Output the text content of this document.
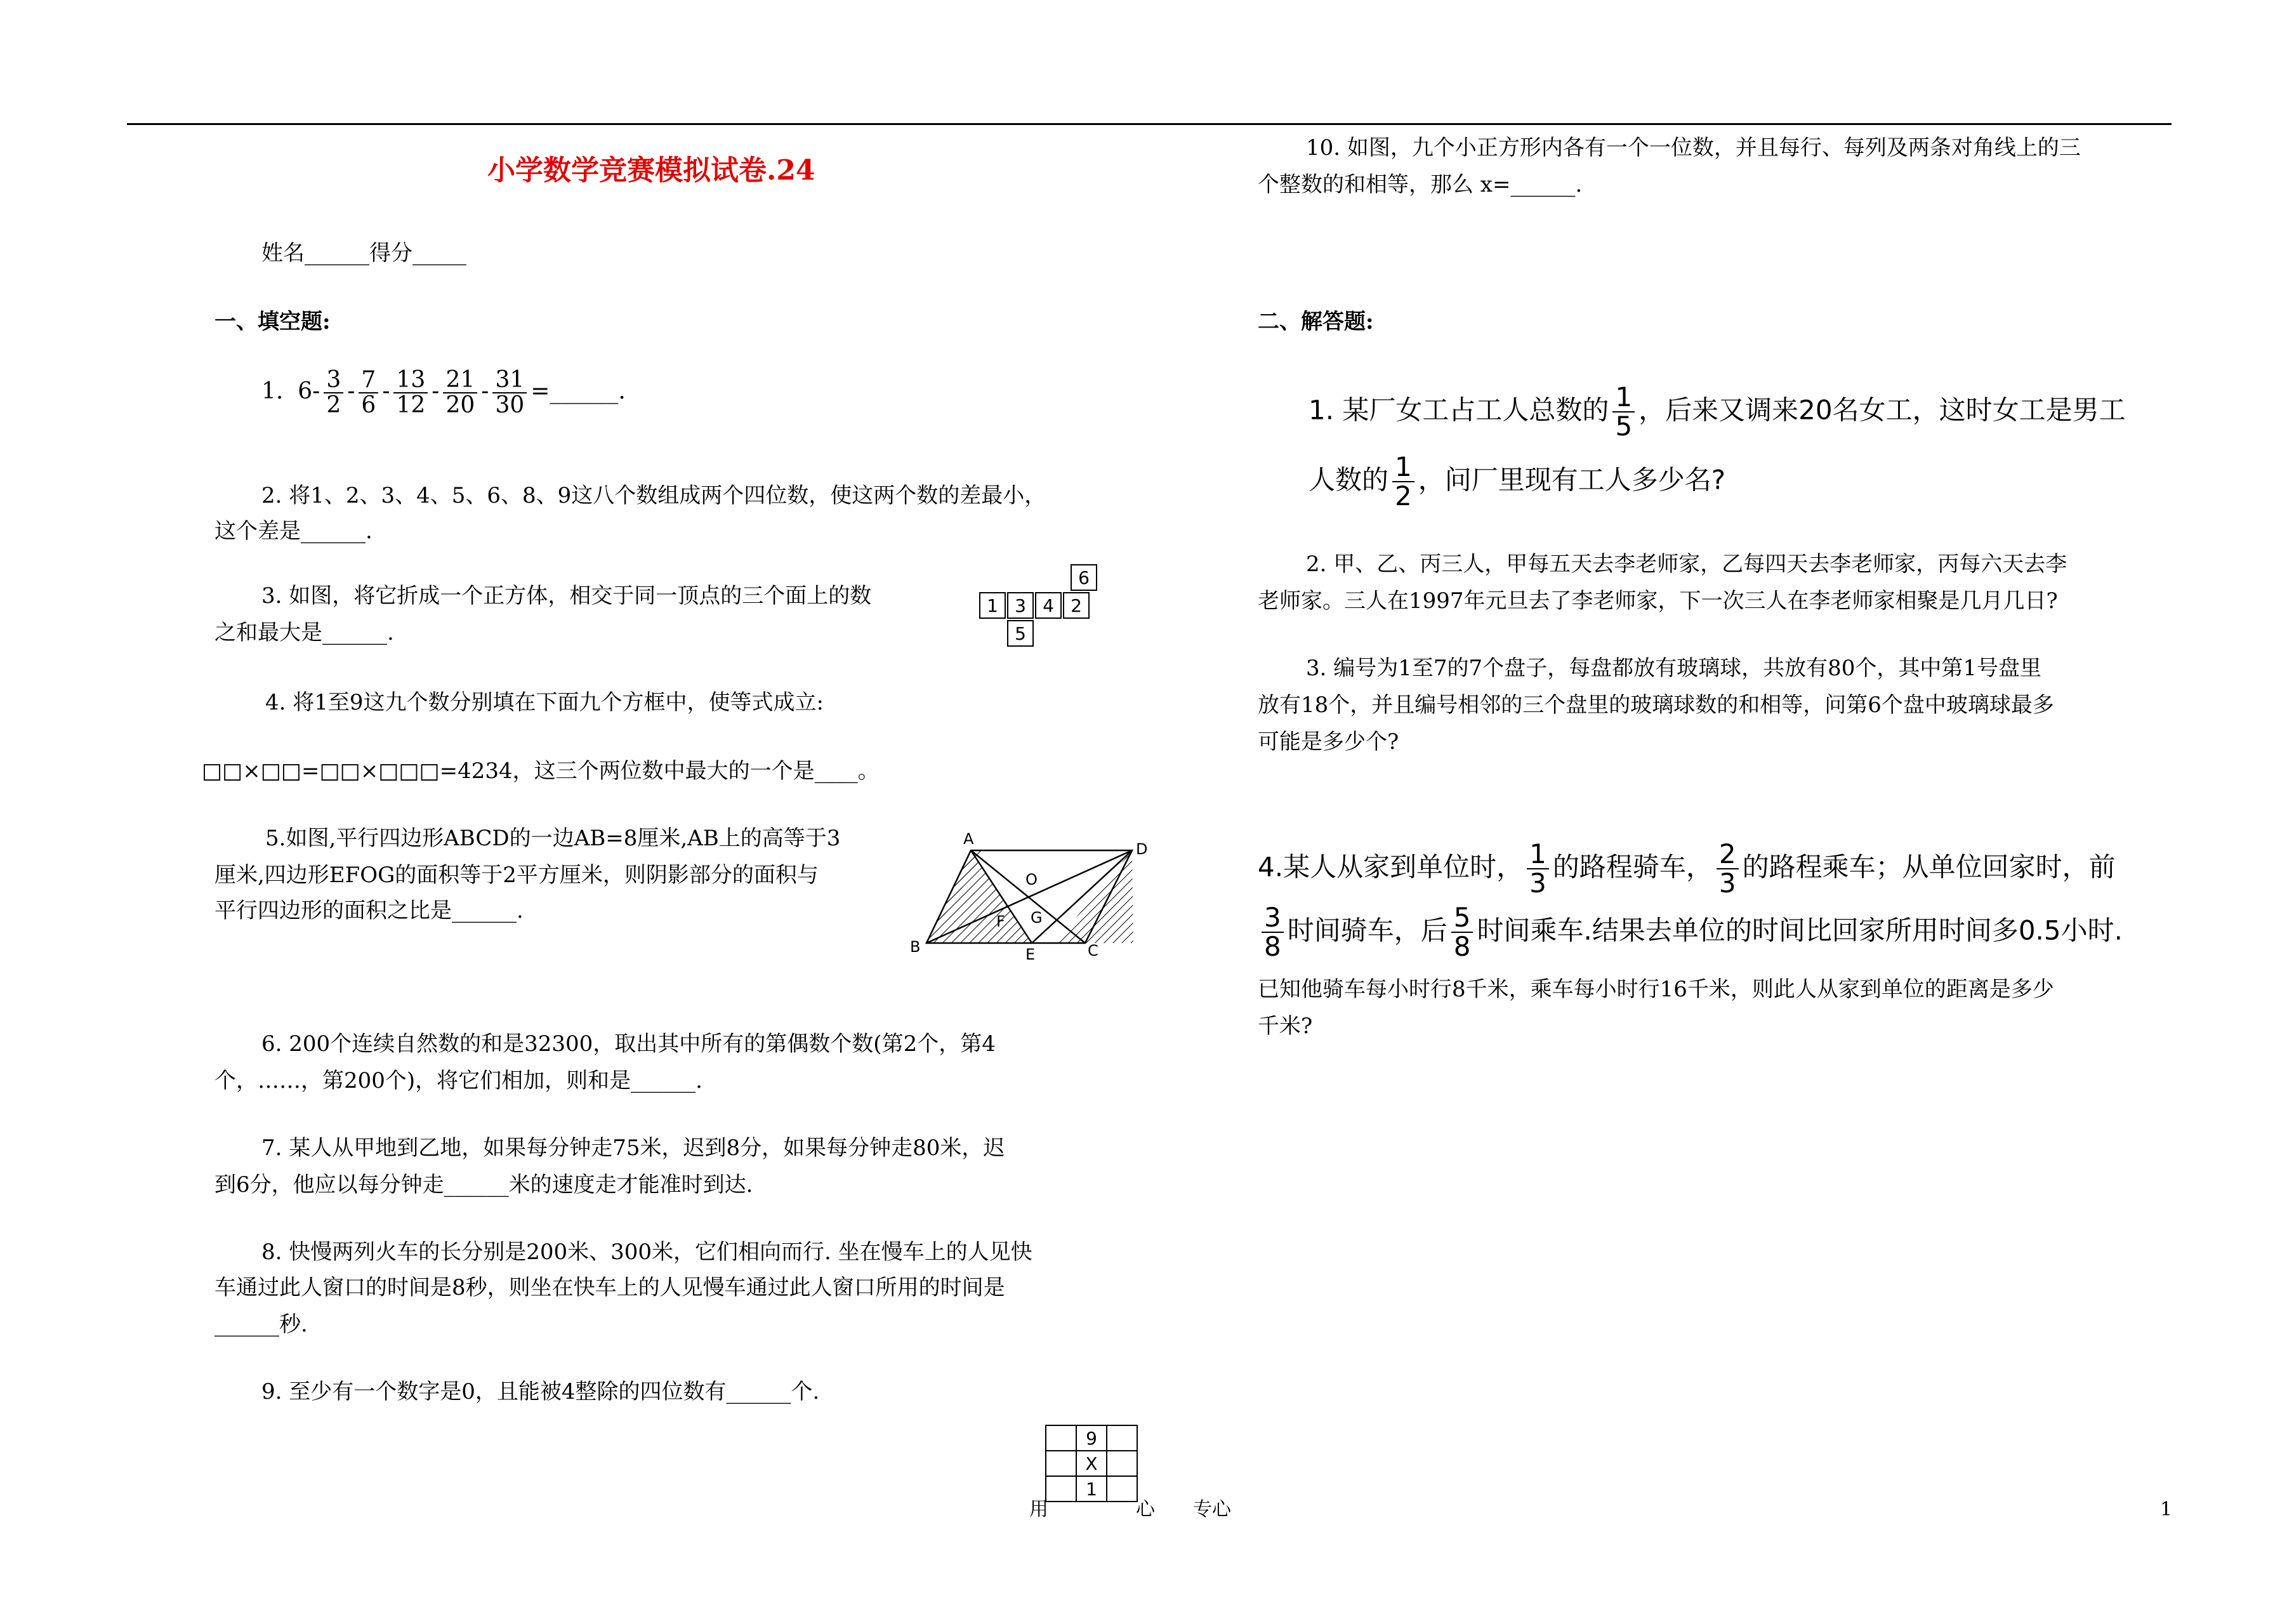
小学数学竞赛模拟试卷.24
姓名______得分_____
一、填空题:
1. $6- \frac{3}{2} - \frac{7}{6} - \frac{13}{12} - \frac{21}{20} - \frac{31}{30}$ =______.
2. 将1、2、3、4、5、6、8、9这八个数组成两个四位数，使这两个数的差最小，
这个差是______.
3. 如图，将它折成一个正方体，相交于同一顶点的三个面上的数
之和最大是______.
6
1 3 4 2
5
4. 将1至9这九个数分别填在下面九个方框中，使等式成立:
□□×□□=□□×□□□=4234，这三个两位数中最大的一个是____。
5.如图,平行四边形ABCD的一边AB=8厘米,AB上的高等于3
厘米,四边形EFOG的面积等于2平方厘米，则阴影部分的面积与
平行四边形的面积之比是______.
A
D
B	C
O
F G
E
6. 200个连续自然数的和是32300，取出其中所有的第偶数个数(第2个，第4
个，……，第200个)，将它们相加，则和是______.
7. 某人从甲地到乙地，如果每分钟走75米，迟到8分，如果每分钟走80米，迟
到6分，他应以每分钟走______米的速度走才能准时到达.
8. 快慢两列火车的长分别是200米、300米，它们相向而行. 坐在慢车上的人见快
车通过此人窗口的时间是8秒，则坐在快车上的人见慢车通过此人窗口所用的时间是
______秒.
9. 至少有一个数字是0，且能被4整除的四位数有______个.
9
X
1
10. 如图，九个小正方形内各有一个一位数，并且每行、每列及两条对角线上的三
个整数的和相等，那么 x=______.
二、解答题:
1. 某厂女工占工人总数的 $\frac{1}{5}$ ，后来又调来20名女工，这时女工是男工
人数的 $\frac{1}{2}$ ，问厂里现有工人多少名?
2. 甲、乙、丙三人，甲每五天去李老师家，乙每四天去李老师家，丙每六天去李
老师家。三人在1997年元旦去了李老师家，下一次三人在李老师家相聚是几月几日?
3. 编号为1至7的7个盘子，每盘都放有玻璃球，共放有80个，其中第1号盘里
放有18个，并且编号相邻的三个盘里的玻璃球数的和相等，问第6个盘中玻璃球最多
可能是多少个?
4.某人从家到单位时， $\frac{1}{3}$ 的路程骑车， $\frac{2}{3}$ 的路程乘车；从单位回家时，前
$\frac{3}{8}$ 时间骑车，后 $\frac{5}{8}$ 时间乘车.结果去单位的时间比回家所用时间多0.5小时.
已知他骑车每小时行8千米，乘车每小时行16千米，则此人从家到单位的距离是多少
千米?
用	心 专心	1
